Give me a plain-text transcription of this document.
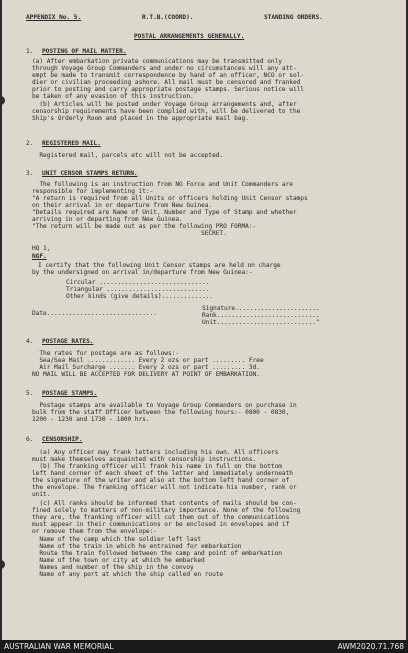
APPENDIX No. 5.	R.T.B.(COORD).	STANDING ORDERS.
POSTAL ARRANGEMENTS GENERALLY.
1. POSTING OF MAIL MATTER.
(a) After embarkation private communications may be transmitted only
through Voyage Group Commanders and under no circumstances will any att-
empt be made to transmit correspondence by hand of an officer, NCO or sol-
dier or civilian proceeding ashore. All mail must be censored and franked
prior to posting and carry appropriate postage stamps. Serious notice will
be taken of any evasion of this instruction.
(b) Articles will be posted under Voyage Group arrangements and, after
censorship requirements have been complied with, will be delivered to the
Ship's Orderly Room and placed in the appropriate mail bag.
2. REGISTERED MAIL.
Registered mail, parcels etc will not be accepted.
3. UNIT CENSOR STAMPS RETURN.
The following is an instruction from NG Force and Unit Commanders are
responsible for implementing it:-
"A return is required from all Units or officers holding Unit Censor stamps
on their arrival in or departure from New Guinea.
"Details required are Name of Unit, Number and Type of Stamp and whether
arriving in or departing from New Guinea.
"The return will be made out as per the following PRO FORMA:-
SECRET.
HQ 1,
NGF.
I certify that the following Unit Censor stamps are held on charge
by the undersigned on arrival in/departure from New Guinea:-
Circular ..............................
Triangular ............................
Other kinds (give details)..............
Date..............................
Signature.......................
Rank............................
Unit..........................."
4. POSTAGE RATES.
The rates for postage are as follows:-
Sea/Sea Mail ............. Every 2 ozs or part ......... Free
Air Mail Surcharge ....... Every 2 ozs or part ......... 3d.
NO MAIL WILL BE ACCEPTED FOR DELIVERY AT POINT OF EMBARKATION.
5. POSTAGE STAMPS.
Postage stamps are available to Voyage Group Commanders on purchase in
bulk from the staff Officer between the following hours:- 0800 - 0830,
1200 - 1230 and 1730 - 1800 hrs.
6. CENSORSHIP.
(a) Any officer may frank letters including his own. All officers
must make themselves acquainted with censorship instructions.
(b) The franking officer will frank his name in full on the bottom
left hand corner of each sheet of the letter and immediately underneath
the signature of the writer and also at the bottom left hand corner of
the envelope. The franking officer will not indicate his number, rank or
unit.
(c) All ranks should be informed that contents of mails should be con-
fined solely to matters of non-military importance. None of the following
they are, the franking officer will cut them out of the communications
must appear in their communications or be enclosed in envelopes and if
or remove them from the envelope:-
Name of the camp which the soldier left last
Name of the train in which he entrained for embarkation
Route the train followed between the camp and point of embarkation
Name of the town or city at which he embarked
Names and number of the ship in the convoy
Name of any port at which the ship called en route
AUSTRALIAN WAR MEMORIAL	AWM2020.71.768
